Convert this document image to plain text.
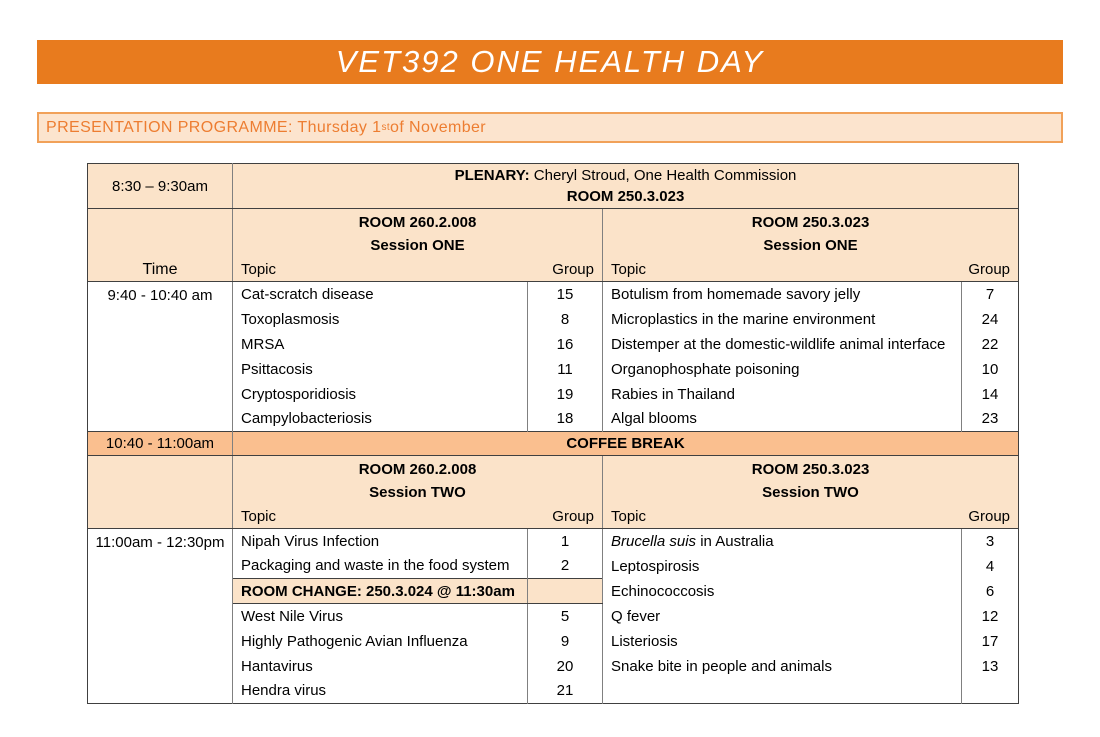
VET392 ONE HEALTH DAY
PRESENTATION PROGRAMME: Thursday 1 st of November
8:30 – 9:30am	PLENARY: Cheryl Stroud, One Health Commission
ROOM 250.3.023			

ROOM 260.2.008
Session ONE

ROOM 250.3.023
Session ONE

Time	Topic Group		Topic Group	

9:40 - 10:40 am	Cat-scratch disease	15	Botulism from homemade savory jelly	7
	Toxoplasmosis	8	Microplastics in the marine environment	24
	MRSA	16	Distemper at the domestic-wildlife animal interface	22
	Psittacosis	11	Organophosphate poisoning	10
	Cryptosporidiosis	19	Rabies in Thailand	14
	Campylobacteriosis	18	Algal blooms	23
10:40 - 11:00am	COFFEE BREAK			

ROOM 260.2.008
Session TWO

ROOM 250.3.023
Session TWO

	Topic Group		Topic Group	

11:00am - 12:30pm	Nipah Virus Infection	1	Brucella suis in Australia	3
	Packaging and waste in the food system	2	Leptospirosis	4
	ROOM CHANGE: 250.3.024 @ 11:30am		Echinococcosis	6
	West Nile Virus	5	Q fever	12
	Highly Pathogenic Avian Influenza	9	Listeriosis	17
	Hantavirus	20	Snake bite in people and animals	13
	Hendra virus	21		
